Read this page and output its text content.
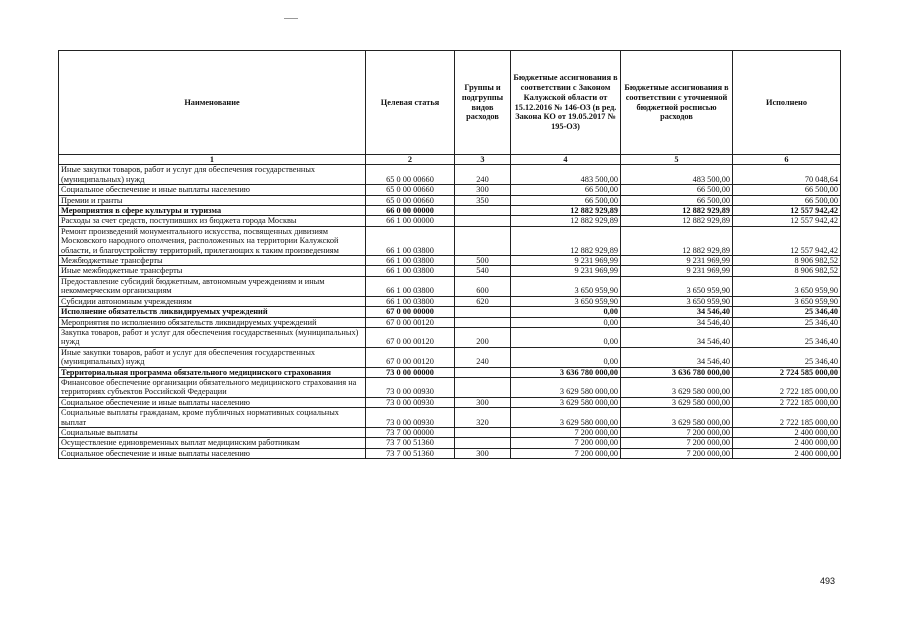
Наименование	Целевая статья	Группы и подгруппы видов расходов	Бюджетные ассигнования в соответствии с Законом Калужской области от 15.12.2016 № 146-ОЗ (в ред. Закона КО от 19.05.2017 № 195-ОЗ)	Бюджетные ассигнования в соответствии с уточненной бюджетной росписью расходов	Исполнено
1	2	3	4	5	6
Иные закупки товаров, работ и услуг для обеспечения государственных (муниципальных) нужд	65 0 00 00660	240	483 500,00	483 500,00	70 048,64
Социальное обеспечение и иные выплаты населению	65 0 00 00660	300	66 500,00	66 500,00	66 500,00
Премии и гранты	65 0 00 00660	350	66 500,00	66 500,00	66 500,00
Мероприятия в сфере культуры и туризма	66 0 00 00000		12 882 929,89	12 882 929,89	12 557 942,42
Расходы за счет средств, поступивших из бюджета города Москвы	66 1 00 00000		12 882 929,89	12 882 929,89	12 557 942,42
Ремонт произведений монументального искусства, посвященных дивизиям Московского народного ополчения, расположенных на территории Калужской области, и благоустройству территорий, прилегающих к таким произведениям	66 1 00 03800		12 882 929,89	12 882 929,89	12 557 942,42
Межбюджетные трансферты	66 1 00 03800	500	9 231 969,99	9 231 969,99	8 906 982,52
Иные межбюджетные трансферты	66 1 00 03800	540	9 231 969,99	9 231 969,99	8 906 982,52
Предоставление субсидий бюджетным, автономным учреждениям и иным некоммерческим организациям	66 1 00 03800	600	3 650 959,90	3 650 959,90	3 650 959,90
Субсидии автономным учреждениям	66 1 00 03800	620	3 650 959,90	3 650 959,90	3 650 959,90
Исполнение обязательств ликвидируемых учреждений	67 0 00 00000		0,00	34 546,40	25 346,40
Мероприятия по исполнению обязательств ликвидируемых учреждений	67 0 00 00120		0,00	34 546,40	25 346,40
Закупка товаров, работ и услуг для обеспечения государственных (муниципальных) нужд	67 0 00 00120	200	0,00	34 546,40	25 346,40
Иные закупки товаров, работ и услуг для обеспечения государственных (муниципальных) нужд	67 0 00 00120	240	0,00	34 546,40	25 346,40
Территориальная программа обязательного медицинского страхования	73 0 00 00000		3 636 780 000,00	3 636 780 000,00	2 724 585 000,00
Финансовое обеспечение организации обязательного медицинского страхования на территориях субъектов Российской Федерации	73 0 00 00930		3 629 580 000,00	3 629 580 000,00	2 722 185 000,00
Социальное обеспечение и иные выплаты населению	73 0 00 00930	300	3 629 580 000,00	3 629 580 000,00	2 722 185 000,00
Социальные выплаты гражданам, кроме публичных нормативных социальных выплат	73 0 00 00930	320	3 629 580 000,00	3 629 580 000,00	2 722 185 000,00
Социальные выплаты	73 7 00 00000		7 200 000,00	7 200 000,00	2 400 000,00
Осуществление единовременных выплат медицинским работникам	73 7 00 51360		7 200 000,00	7 200 000,00	2 400 000,00
Социальное обеспечение и иные выплаты населению	73 7 00 51360	300	7 200 000,00	7 200 000,00	2 400 000,00
493
